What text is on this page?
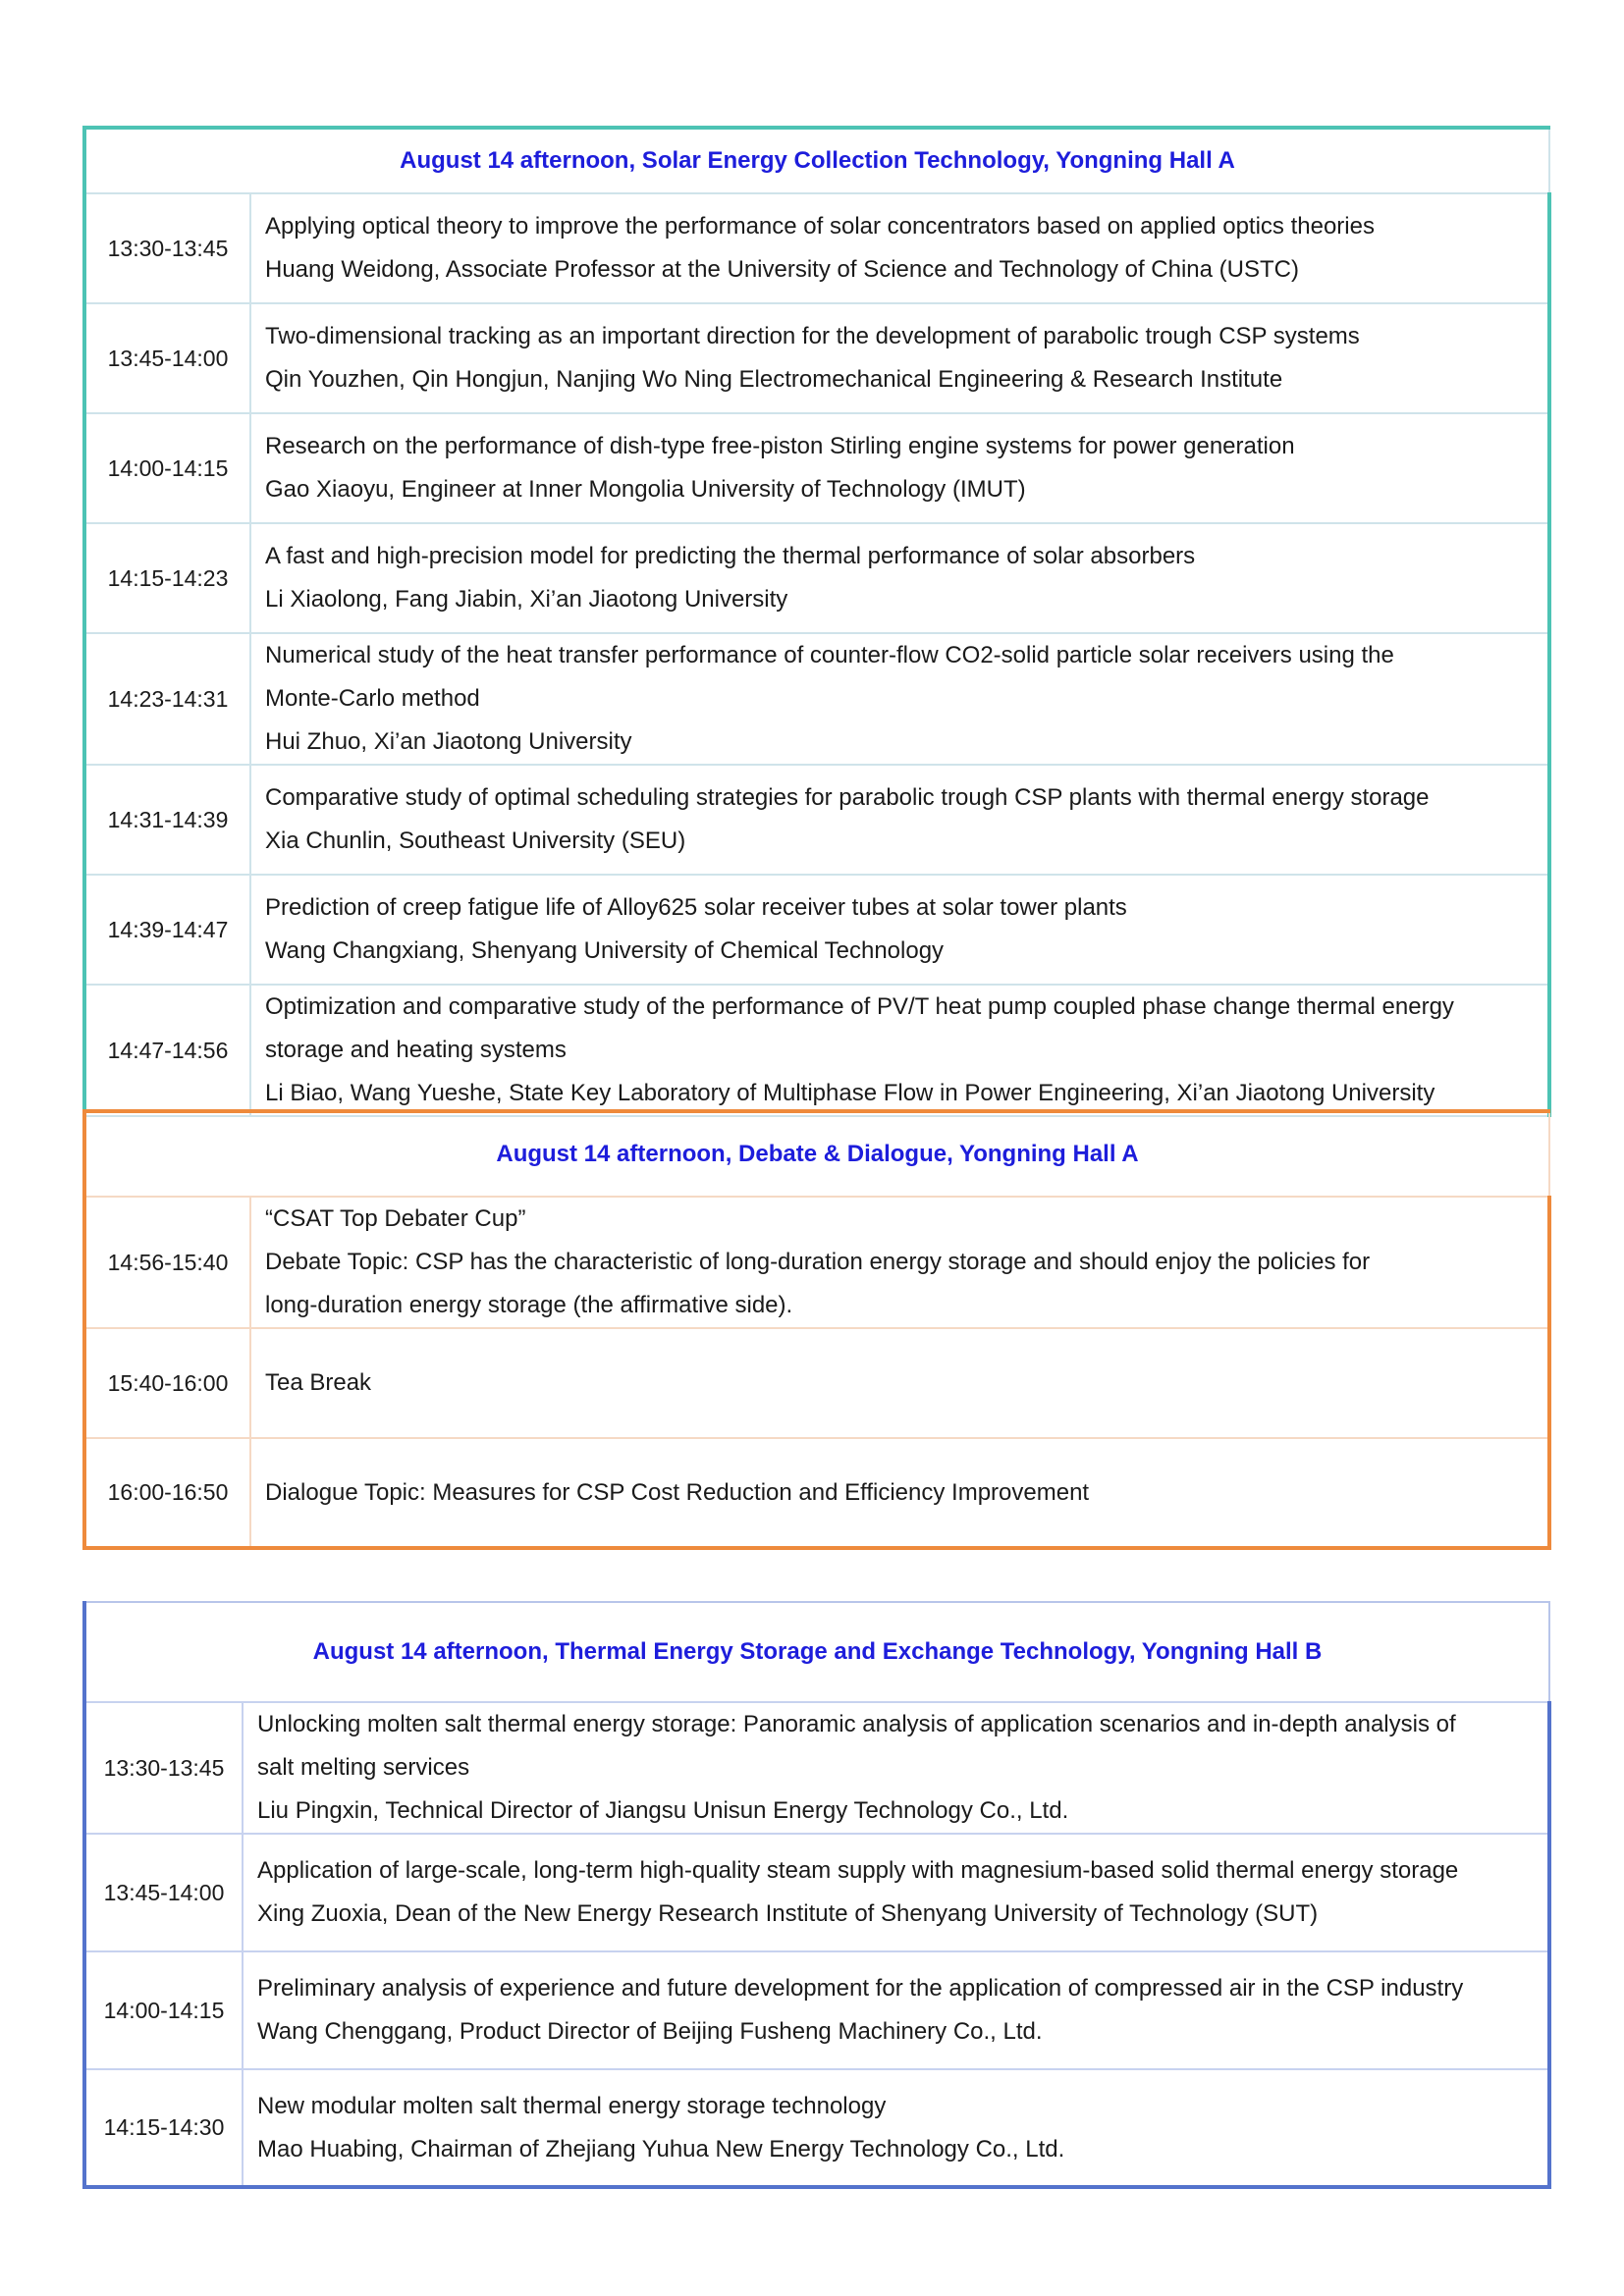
August 14 afternoon, Solar Energy Collection Technology, Yongning Hall A	
13:30-13:45	Applying optical theory to improve the performance of solar concentrators based on applied optics theories
Huang Weidong, Associate Professor at the University of Science and Technology of China (USTC)

13:45-14:00	Two-dimensional tracking as an important direction for the development of parabolic trough CSP systems
Qin Youzhen, Qin Hongjun, Nanjing Wo Ning Electromechanical Engineering & Research Institute

14:00-14:15	Research on the performance of dish-type free-piston Stirling engine systems for power generation
Gao Xiaoyu, Engineer at Inner Mongolia University of Technology (IMUT)

14:15-14:23	A fast and high-precision model for predicting the thermal performance of solar absorbers
Li Xiaolong, Fang Jiabin, Xi’an Jiaotong University

14:23-14:31	Numerical study of the heat transfer performance of counter-flow CO2-solid particle solar receivers using the
Monte-Carlo method
Hui Zhuo, Xi’an Jiaotong University

14:31-14:39	Comparative study of optimal scheduling strategies for parabolic trough CSP plants with thermal energy storage
Xia Chunlin, Southeast University (SEU)

14:39-14:47	Prediction of creep fatigue life of Alloy625 solar receiver tubes at solar tower plants
Wang Changxiang, Shenyang University of Chemical Technology

14:47-14:56	Optimization and comparative study of the performance of PV/T heat pump coupled phase change thermal energy
storage and heating systems
Li Biao, Wang Yueshe, State Key Laboratory of Multiphase Flow in Power Engineering, Xi’an Jiaotong University
August 14 afternoon, Debate & Dialogue, Yongning Hall A	
14:56-15:40	“CSAT Top Debater Cup”
Debate Topic: CSP has the characteristic of long-duration energy storage and should enjoy the policies for
long-duration energy storage (the affirmative side).

15:40-16:00	Tea Break

16:00-16:50	Dialogue Topic: Measures for CSP Cost Reduction and Efficiency Improvement
August 14 afternoon, Thermal Energy Storage and Exchange Technology, Yongning Hall B	
13:30-13:45	Unlocking molten salt thermal energy storage: Panoramic analysis of application scenarios and in-depth analysis of
salt melting services
Liu Pingxin, Technical Director of Jiangsu Unisun Energy Technology Co., Ltd.

13:45-14:00	Application of large-scale, long-term high-quality steam supply with magnesium-based solid thermal energy storage
Xing Zuoxia, Dean of the New Energy Research Institute of Shenyang University of Technology (SUT)

14:00-14:15	Preliminary analysis of experience and future development for the application of compressed air in the CSP industry
Wang Chenggang, Product Director of Beijing Fusheng Machinery Co., Ltd.

14:15-14:30	New modular molten salt thermal energy storage technology
Mao Huabing, Chairman of Zhejiang Yuhua New Energy Technology Co., Ltd.
